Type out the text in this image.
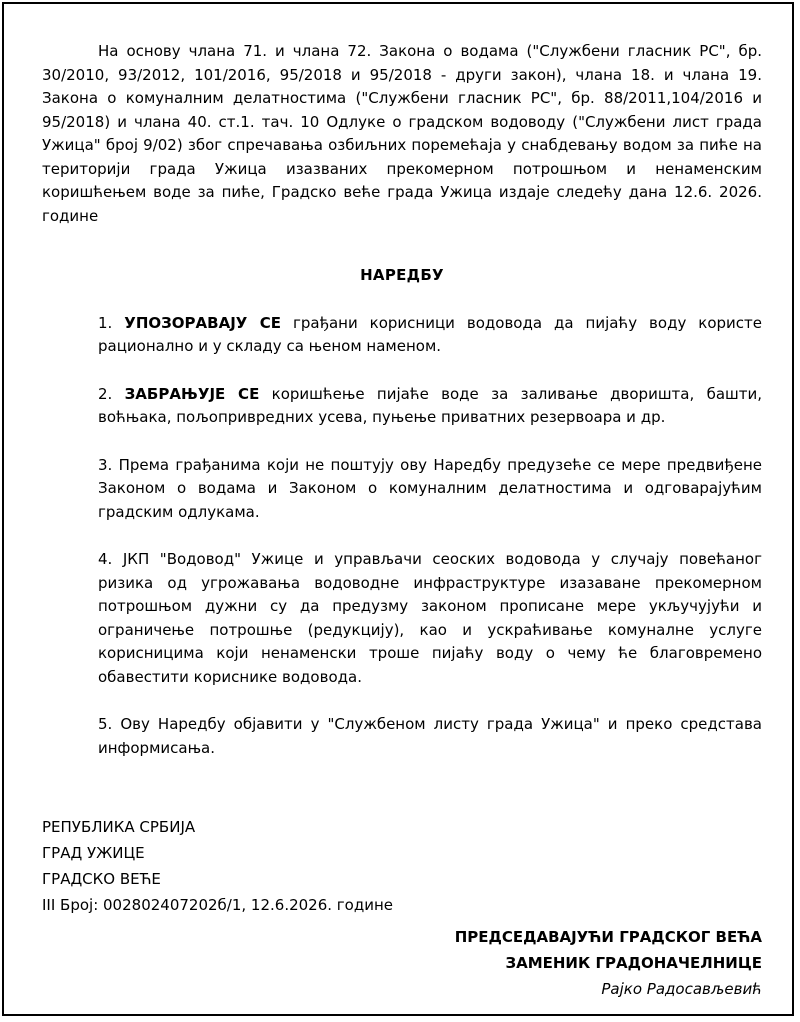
На основу члана 71. и члана 72. Закона о водама ("Службени гласник РС", бр. 30/2010, 93/2012, 101/2016, 95/2018 и 95/2018 - други закон), члана 18. и члана 19. Закона о комуналним делатностима ("Службени гласник РС", бр. 88/2011,104/2016 и 95/2018) и члана 40. ст.1. тач. 10 Одлуке о градском водоводу ("Службени лист града Ужица" број 9/02) због спречавања озбиљних поремећаја у снабдевању водом за пиће на територији града Ужица изазваних прекомерном потрошњом и ненаменским коришћењем воде за пиће, Градско веће града Ужица издаје следећу дана 12.6. 2026. године

НАРЕДБУ
1. УПОЗОРАВАЈУ СЕ грађани корисници водовода да пијаћу воду користе рационално и у складу са њеном наменом.
2. ЗАБРАЊУЈЕ СЕ коришћење пијаће воде за заливање дворишта, башти, воћњака, пољопривредних усева, пуњење приватних резервоара и др.
3. Према грађанима који не поштују ову Наредбу предузеће се мере предвиђене Законом о водама и Законом о комуналним делатностима и одговарајућим градским одлукама.
4. ЈКП "Водовод" Ужице и управљачи сеоских водовода у случају повећаног ризика од угрожавања водоводне инфраструктуре изазаване прекомерном потрошњом дужни су да предузму законом прописане мере укључујући и ограничење потрошње (редукцију), као и ускраћивање комуналне услуге корисницима који ненаменски троше пијаћу воду о чему ће благовремено обавестити кориснике водовода.
5. Ову Наредбу објавити у "Службеном листу града Ужица" и преко средстава информисања.
РЕПУБЛИКА СРБИЈА
ГРАД УЖИЦЕ
ГРАДСКО ВЕЋЕ
III Број: 002802407202б/1, 12.6.2026. године
ПРЕДСЕДАВАЈУЋИ ГРАДСКОГ ВЕЋА
ЗАМЕНИК ГРАДОНАЧЕЛНИЦЕ
Рајко Радосављевић
